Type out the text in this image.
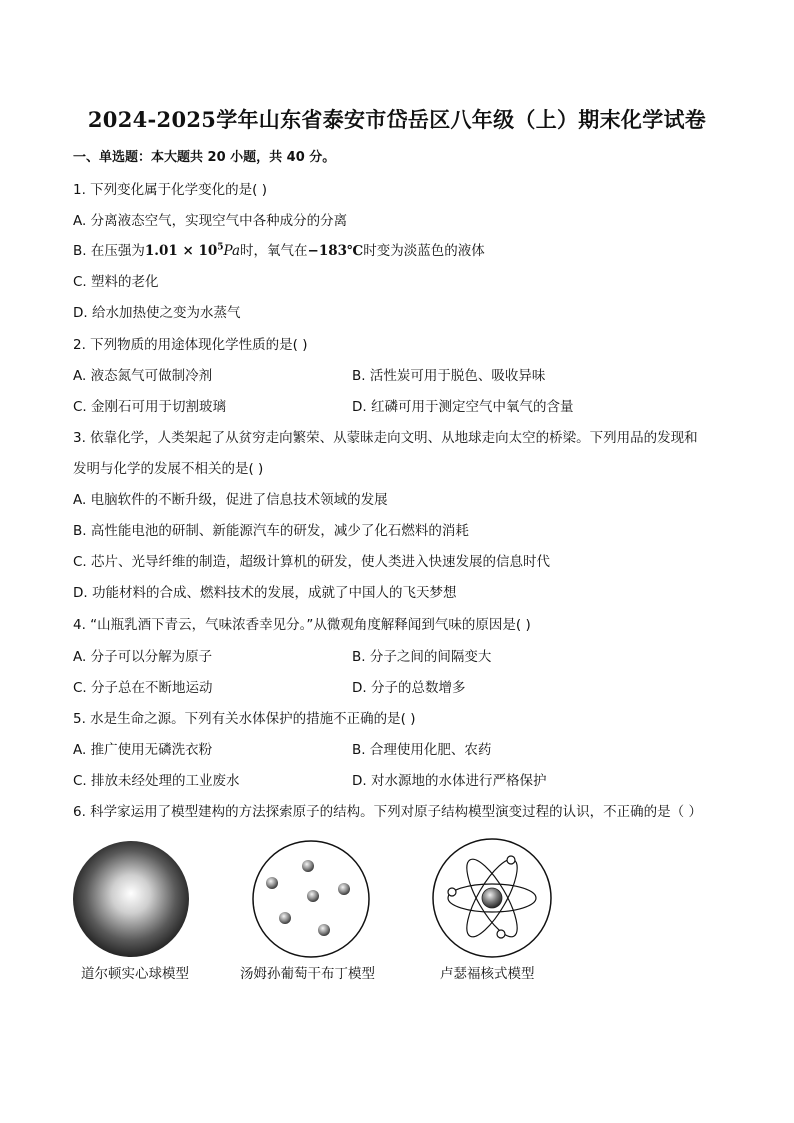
2024-2025学年山东省泰安市岱岳区八年级（上）期末化学试卷
一、单选题：本大题共 20 小题，共 40 分。
1. 下列变化属于化学变化的是( )
A. 分离液态空气，实现空气中各种成分的分离
B. 在压强为$1.01 \times 10^5Pa$时，氧气在−183℃时变为淡蓝色的液体
C. 塑料的老化
D. 给水加热使之变为水蒸气
2. 下列物质的用途体现化学性质的是( )
A. 液态氮气可做制冷剂	B. 活性炭可用于脱色、吸收异味
C. 金刚石可用于切割玻璃	D. 红磷可用于测定空气中氧气的含量
3. 依靠化学，人类架起了从贫穷走向繁荣、从蒙昧走向文明、从地球走向太空的桥梁。下列用品的发现和
发明与化学的发展不相关的是( )
A. 电脑软件的不断升级，促进了信息技术领域的发展
B. 高性能电池的研制、新能源汽车的研发，减少了化石燃料的消耗
C. 芯片、光导纤维的制造，超级计算机的研发，使人类进入快速发展的信息时代
D. 功能材料的合成、燃料技术的发展，成就了中国人的飞天梦想
4. “山瓶乳酒下青云，气味浓香幸见分。”从微观角度解释闻到气味的原因是( )
A. 分子可以分解为原子	B. 分子之间的间隔变大
C. 分子总在不断地运动	D. 分子的总数增多
5. 水是生命之源。下列有关水体保护的措施不正确的是( )
A. 推广使用无磷洗衣粉	B. 合理使用化肥、农药
C. 排放未经处理的工业废水	D. 对水源地的水体进行严格保护
6. 科学家运用了模型建构的方法探索原子的结构。下列对原子结构模型演变过程的认识，不正确的是（ ）
道尔顿实心球模型	汤姆孙葡萄干布丁模型	卢瑟福核式模型
